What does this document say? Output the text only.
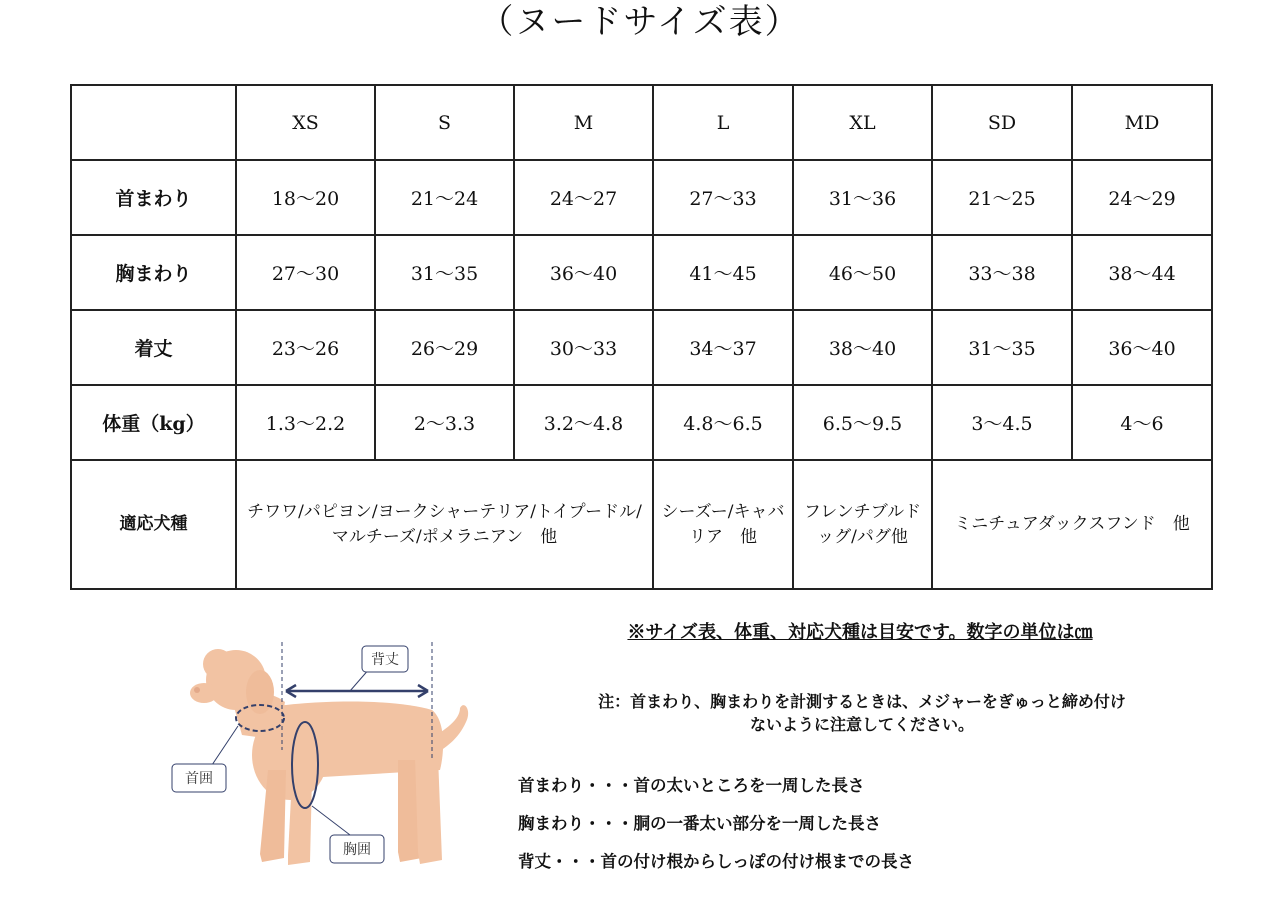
（ヌードサイズ表）
	XS	S	M	L	XL	SD	MD
首まわり	18〜20	21〜24	24〜27	27〜33	31〜36	21〜25	24〜29
胸まわり	27〜30	31〜35	36〜40	41〜45	46〜50	33〜38	38〜44
着丈	23〜26	26〜29	30〜33	34〜37	38〜40	31〜35	36〜40
体重（kg）	1.3〜2.2	2〜3.3	3.2〜4.8	4.8〜6.5	6.5〜9.5	3〜4.5	4〜6
適応犬種	チワワ/パピヨン/ヨークシャーテリア/トイプードル/マルチーズ/ポメラニアン　他			シーズー/キャバリア　他	フレンチブルドッグ/パグ他	ミニチュアダックスフンド　他	
背丈
首囲
胸囲
※サイズ表、体重、対応犬種は目安です。数字の単位は㎝
注：首まわり、胸まわりを計測するときは、メジャーをぎゅっと締め付け
ないように注意してください。
首まわり・・・首の太いところを一周した長さ
胸まわり・・・胴の一番太い部分を一周した長さ
背丈・・・首の付け根からしっぽの付け根までの長さ
